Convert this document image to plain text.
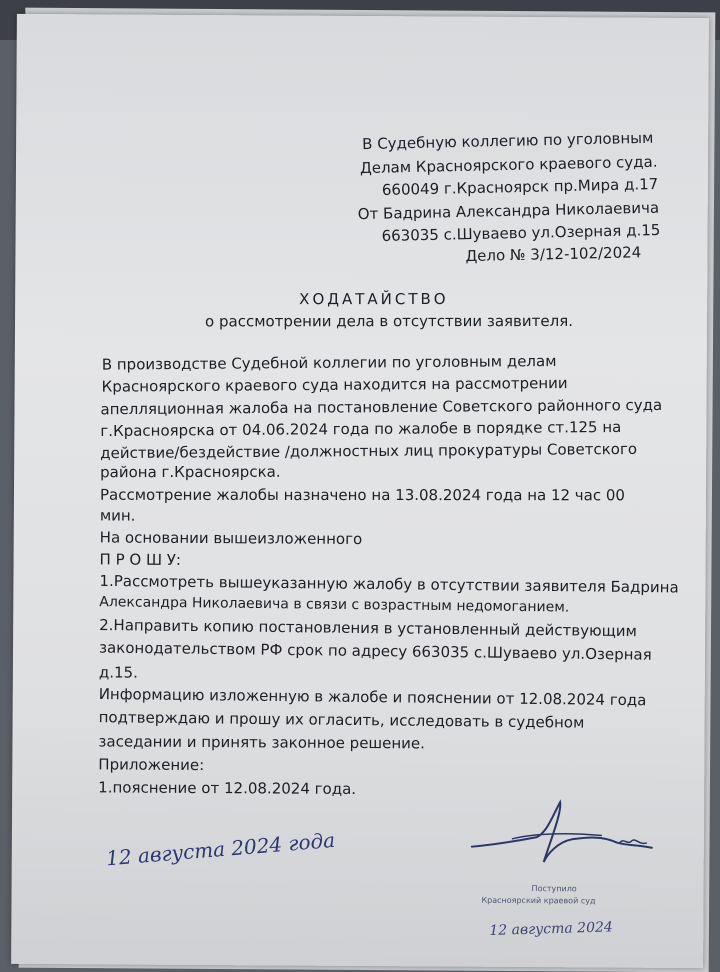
В Судебную коллегию по уголовным
Делам Красноярского краевого суда.
660049 г.Красноярск пр.Мира д.17
От Бадрина Александра Николаевича
663035 с.Шуваево ул.Озерная д.15
Дело № 3/12-102/2024
ХОДАТАЙСТВО
о рассмотрении дела в отсутствии заявителя.
В производстве Судебной коллегии по уголовным делам
Красноярского краевого суда находится на рассмотрении
апелляционная жалоба на постановление Советского районного суда
г.Красноярска от 04.06.2024 года по жалобе в порядке ст.125 на
действие/бездействие /должностных лиц прокуратуры Советского
района г.Красноярска.
Рассмотрение жалобы назначено на 13.08.2024 года на 12 час 00
мин.
На основании вышеизложенного
П Р О Ш У:
1.Рассмотреть вышеуказанную жалобу в отсутствии заявителя Бадрина
Александра Николаевича в связи с возрастным недомоганием.
2.Направить копию постановления в установленный действующим
законодательством РФ срок по адресу 663035 с.Шуваево ул.Озерная
д.15.
Информацию изложенную в жалобе и пояснении от 12.08.2024 года
подтверждаю и прошу их огласить, исследовать в судебном
заседании и принять законное решение.
Приложение:
1.пояснение от 12.08.2024 года.
12 августа 2024 года
Поступило
Красноярский краевой суд
12 августа 2024
